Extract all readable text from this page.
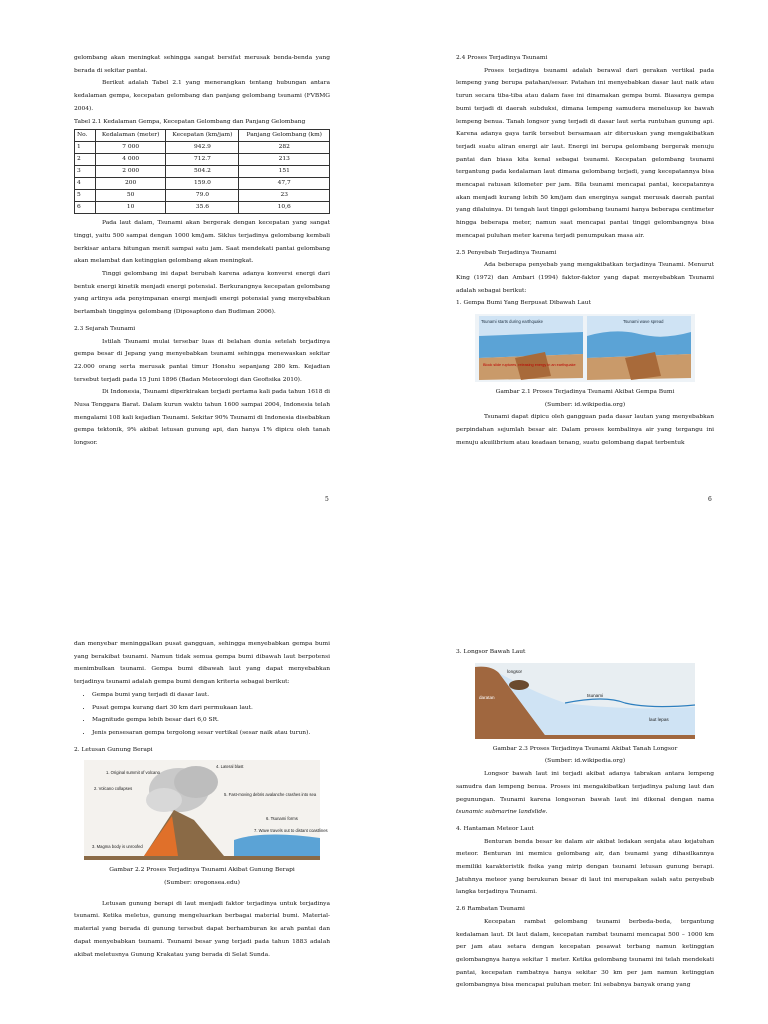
gelombang akan meningkat sehingga sangat bersifat merusak benda-benda yang berada di sekitar pantai.

Berikut adalah Tabel 2.1 yang menerangkan tentang hubungan antara kedalaman gempa, kecepatan gelombang dan panjang gelombang tsunami (FVBMG 2004).

Tabel 2.1 Kedalaman Gempa, Kecepatan Gelombang dan Panjang Gelombang

No.	Kedalaman (meter)	Kecepatan (km/jam)	Panjang Gelombang (km)
1	7 000	942.9	282
2	4 000	712.7	213
3	2 000	504.2	151
4	200	159.0	47,7
5	50	79.0	23
6	10	35.6	10,6

Pada laut dalam, Tsunami akan bergerak dengan kecepatan yang sangat tinggi, yaitu 500 sampai dengan 1000 km/jam. Siklus terjadinya gelombang kembali berkisar antara hitungan menit sampai satu jam. Saat mendekati pantai gelombang akan melambat dan ketinggian gelombang akan meningkat.

Tinggi gelombang ini dapat berubah karena adanya konversi energi dari bentuk energi kinetik menjadi energi potensial. Berkurangnya kecepatan gelombang yang artinya ada penyimpanan energi menjadi energi potensial yang menyebabkan bertambah tingginya gelombang (Diposaptono dan Budiman 2006).

2.3 Sejarah Tsunami

Istilah Tsunami mulai tersebar luas di belahan dunia setelah terjadinya gempa besar di Jepang yang menyebabkan tsunami sehingga menewaskan sekitar 22.000 orang serta merusak pantai timur Honshu sepanjang 280 km. Kejadian tersebut terjadi pada 15 Juni 1896 (Badan Meteorologi dan Geofisika 2010).

Di Indonesia, Tsunami diperkirakan terjadi pertama kali pada tahun 1618 di Nusa Tenggara Barat. Dalam kurun waktu tahun 1600 sampai 2004, Indonesia telah mengalami 108 kali kejadian Tsunami. Sekitar 90% Tsunami di Indonesia disebabkan gempa tektonik, 9% akibat letusan gunung api, dan hanya 1% dipicu oleh tanah longsor.

5

2.4 Proses Terjadinya Tsunami

Proses terjadinya tsunami adalah berawal dari gerakan vertikal pada lempeng yang berupa patahan/sesar. Patahan ini menyebabkan dasar laut naik atau turun secara tiba-tiba atau dalam fase ini dinamakan gempa bumi. Biasanya gempa bumi terjadi di daerah subduksi, dimana lempeng samudera menelusup ke bawah lempeng benua. Tanah longsor yang terjadi di dasar laut serta runtuhan gunung api. Karena adanya gaya tarik tersebut bersamaan air diteruskan yang mengakibatkan terjadi suatu aliran energi air laut. Energi ini berupa gelombang bergerak menuju pantai dan biasa kita kenal sebagai tsunami. Kecepatan gelombang tsunami tergantung pada kedalaman laut dimana gelombang terjadi, yang kecepatannya bisa mencapai ratusan kilometer per jam. Bila tsunami mencapai pantai, kecepatannya akan menjadi kurang lebih 50 km/jam dan energinya sangat merusak daerah pantai yang dilaluinya. Di tengah laut tinggi gelombang tsunami hanya beberapa centimeter hingga beberapa meter, namun saat mencapai pantai tinggi gelombangnya bisa mencapai puluhan meter karena terjadi penumpukan masa air.

2.5 Penyebab Terjadinya Tsunami

Ada beberapa penyebab yang mengakibatkan terjadinya Tsunami. Menurut King (1972) dan Ambari (1994) faktor-faktor yang dapat menyebabkan Tsunami adalah sebagai berikut:

1. Gempa Bumi Yang Berpusat Dibawah Laut

Tsunami starts during earthquake
Block slide ruptures, releasing energy in an earthquake
Tsunami wave spread

Gambar 2.1 Proses Terjadinya Tsunami Akibat Gempa Bumi

(Sumber: id.wikipedia.org)

Tsunami dapat dipicu oleh gangguan pada dasar lautan yang menyebabkan perpindahan sejumlah besar air. Dalam proses kembalinya air yang tergangu ini menuju akuilibrium atau keadaan tenang, suatu gelombang dapat terbentuk

6

dan menyebar meninggalkan pusat gangguan, sehingga menyebabkan gempa bumi yang berakibat tsunami. Namun tidak semua gempa bumi dibawah laut berpotensi menimbulkan tsunami. Gempa bumi dibawah laut yang dapat menyebabkan terjadinya tsunami adalah gempa bumi dengan kriteria sebagai berikut:

• Gempa bumi yang terjadi di dasar laut.
• Pusat gempa kurang dari 30 km dari permukaan laut.
• Magnitude gempa lebih besar dari 6,0 SR.
• Jenis pensesaran gempa tergolong sesar vertikal (sesar naik atau turun).

2. Letusan Gunung Berapi

1. Original summit of volcano 2. Volcano collapses 3. Magma body is unroofed 4. Lateral blast 5. Fast-moving debris avalanche crashes into sea 6. Tsunami forms 7. Wave travels out to distant coastlines

Gambar 2.2 Proses Terjadinya Tsunami Akibat Gunung Berapi

(Sumber: oregonsea.edu)

Letusan gunung berapi di laut menjadi faktor terjadinya untuk terjadinya tsunami. Ketika meletus, gunung mengeluarkan berbagai material bumi. Material-material yang berada di gunung tersebut dapat berhamburan ke arah pantai dan dapat menyebabkan tsunami. Tsunami besar yang terjadi pada tahun 1883 adalah akibat meletusnya Gunung Krakatau yang berada di Selat Sunda.

3. Longsor Bawah Laut

longsor daratan	tsunami laut lepas

Gambar 2.3 Proses Terjadinya Tsunami Akibat Tanah Longsor

(Sumber: id.wikipedia.org)

Longsor bawah laut ini terjadi akibat adanya tabrakan antara lempeng samudra dan lempeng benua. Proses ini mengakibatkan terjadinya palung laut dan pegunungan. Tsunami karena longsoran bawah laut ini dikenal dengan nama tsunamic submarine landslide.

4. Hantaman Meteor Laut

Benturan benda besar ke dalam air akibat ledakan senjata atau kejatuhan meteor. Benturan ini memicu gelombang air, dan tsunami yang dihasilkannya memiliki karakteristik fisika yang mirip dengan tsunami letusan gunung berapi. Jatuhnya meteor yang berukuran besar di laut ini merupakan salah satu penyebab langka terjadinya Tsunami.

2.6 Rambatan Tsunami

Kecepatan rambat gelombang tsunami berbeda-beda, tergantung kedalaman laut. Di laut dalam, kecepatan rambat tsunami mencapai 500 – 1000 km per jam atau setara dengan kecepatan pesawat terbang namun ketinggian gelombangnya hanya sekitar 1 meter. Ketika gelombang tsunami ini telah mendekati pantai, kecepatan rambatnya hanya sekitar 30 km per jam namun ketinggian gelombangnya bisa mencapai puluhan meter. Ini sebabnya banyak orang yang
